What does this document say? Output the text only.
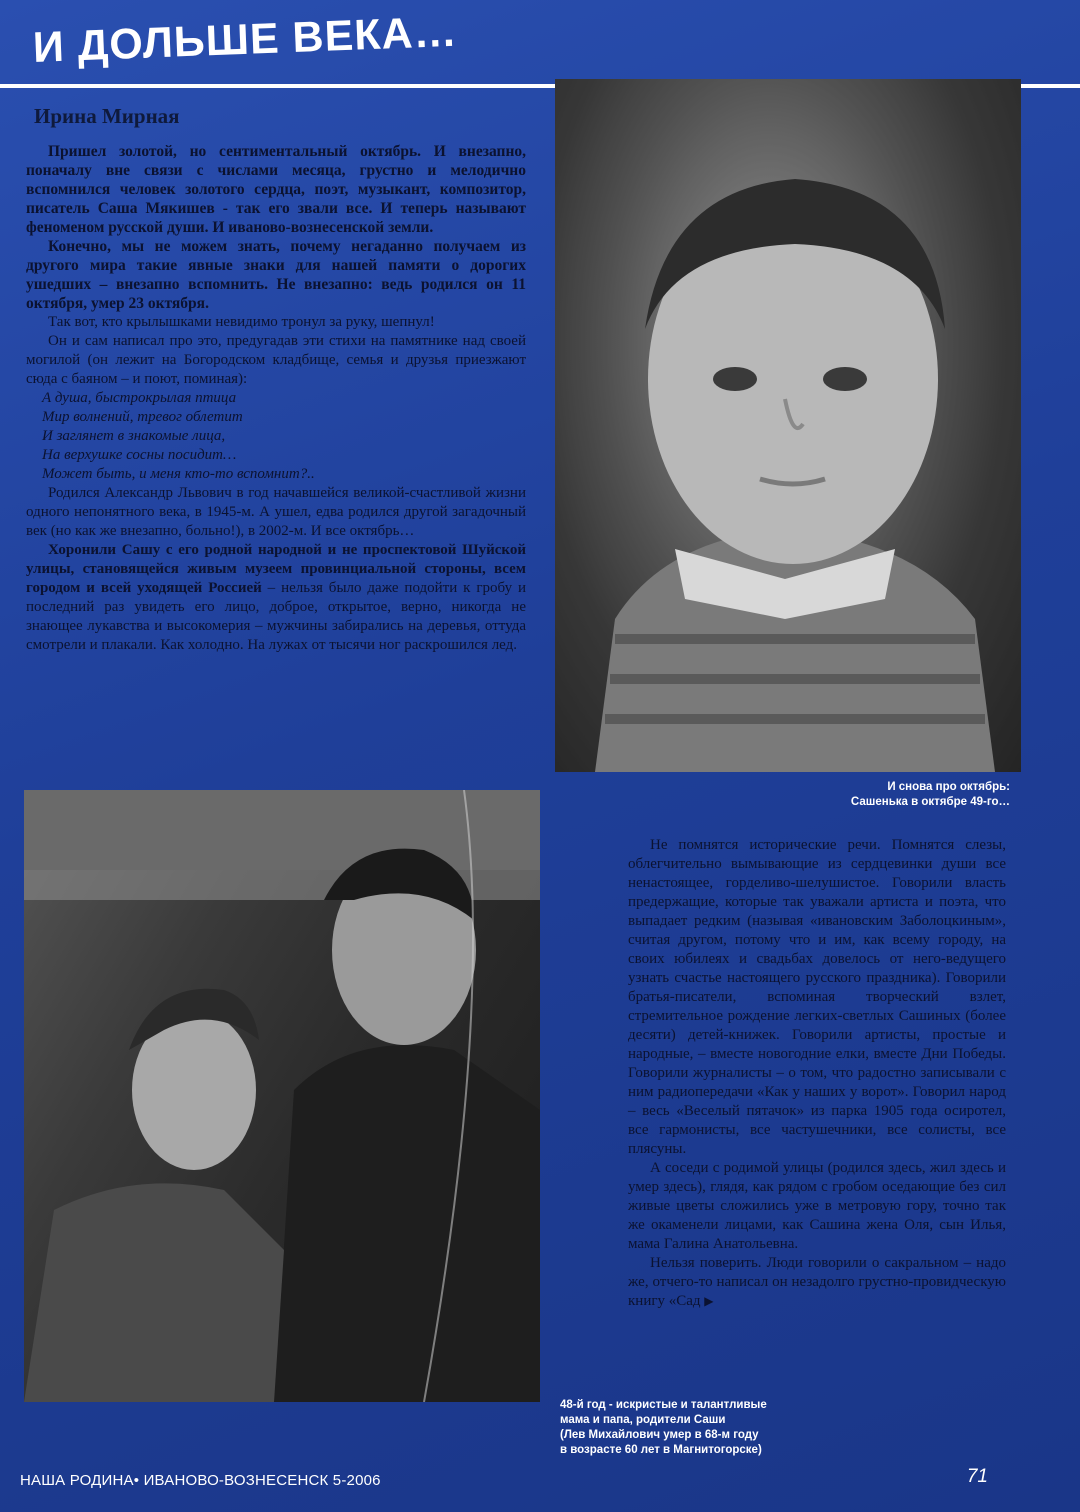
И ДОЛЬШЕ ВЕКА…
Ирина Мирная

Пришел золотой, но сентиментальный октябрь. И внезапно, поначалу вне связи с числами месяца, грустно и мелодично вспомнился человек золотого сердца, поэт, музыкант, композитор, писатель Саша Мякишев - так его звали все. И теперь называют феноменом русской души. И иваново-вознесенской земли.

Конечно, мы не можем знать, почему негаданно получаем из другого мира такие явные знаки для нашей памяти о дорогих ушедших – внезапно вспомнить. Не внезапно: ведь родился он 11 октября, умер 23 октября.

Так вот, кто крылышками невидимо тронул за руку, шепнул!

Он и сам написал про это, предугадав эти стихи на памятнике над своей могилой (он лежит на Богородском кладбище, семья и друзья приезжают сюда с баяном – и поют, поминая):

А душа, быстрокрылая птица
Мир волнений, тревог облетит
И заглянет в знакомые лица,
На верхушке сосны посидит…
Может быть, и меня кто-то вспомнит?..

Родился Александр Львович в год начавшейся великой-счастливой жизни одного непонятного века, в 1945-м. А ушел, едва родился другой загадочный век (но как же внезапно, больно!), в 2002-м. И все октябрь…

Хоронили Сашу с его родной народной и не проспектовой Шуйской улицы, становящейся живым музеем провинциальной стороны, всем городом и всей уходящей Россией – нельзя было даже подойти к гробу и последний раз увидеть его лицо, доброе, открытое, верно, никогда не знающее лукавства и высокомерия – мужчины забирались на деревья, оттуда смотрели и плакали. Как холодно. На лужах от тысячи ног раскрошился лед.

И снова про октябрь:
Сашенька в октябре 49-го…

Не помнятся исторические речи. Помнятся слезы, облегчительно вымывающие из сердцевинки души все ненастоящее, горделиво-шелушистое. Говорили власть предержащие, которые так уважали артиста и поэта, что выпадает редким (называя «ивановским Заболоцкиным», считая другом, потому что и им, как всему городу, на своих юбилеях и свадьбах довелось от него-ведущего узнать счастье настоящего русского праздника). Говорили братья-писатели, вспоминая творческий взлет, стремительное рождение легких-светлых Сашиных (более десяти) детей-книжек. Говорили артисты, простые и народные, – вместе новогодние елки, вместе Дни Победы. Говорили журналисты – о том, что радостно записывали с ним радиопередачи «Как у наших у ворот». Говорил народ – весь «Веселый пятачок» из парка 1905 года осиротел, все гармонисты, все частушечники, все солисты, все плясуны.

А соседи с родимой улицы (родился здесь, жил здесь и умер здесь), глядя, как рядом с гробом оседающие без сил живые цветы сложились уже в метровую гору, точно так же окаменели лицами, как Сашина жена Оля, сын Илья, мама Галина Анатольевна.

Нельзя поверить. Люди говорили о сакральном – надо же, отчего-то написал он незадолго грустно-провидческую книгу «Сад ▶

48-й год - искристые и талантливые
мама и папа, родители Саши
(Лев Михайлович умер в 68-м году
в возрасте 60 лет в Магнитогорске)

НАША РОДИНА• ИВАНОВО-ВОЗНЕСЕНСК 5-2006	71
